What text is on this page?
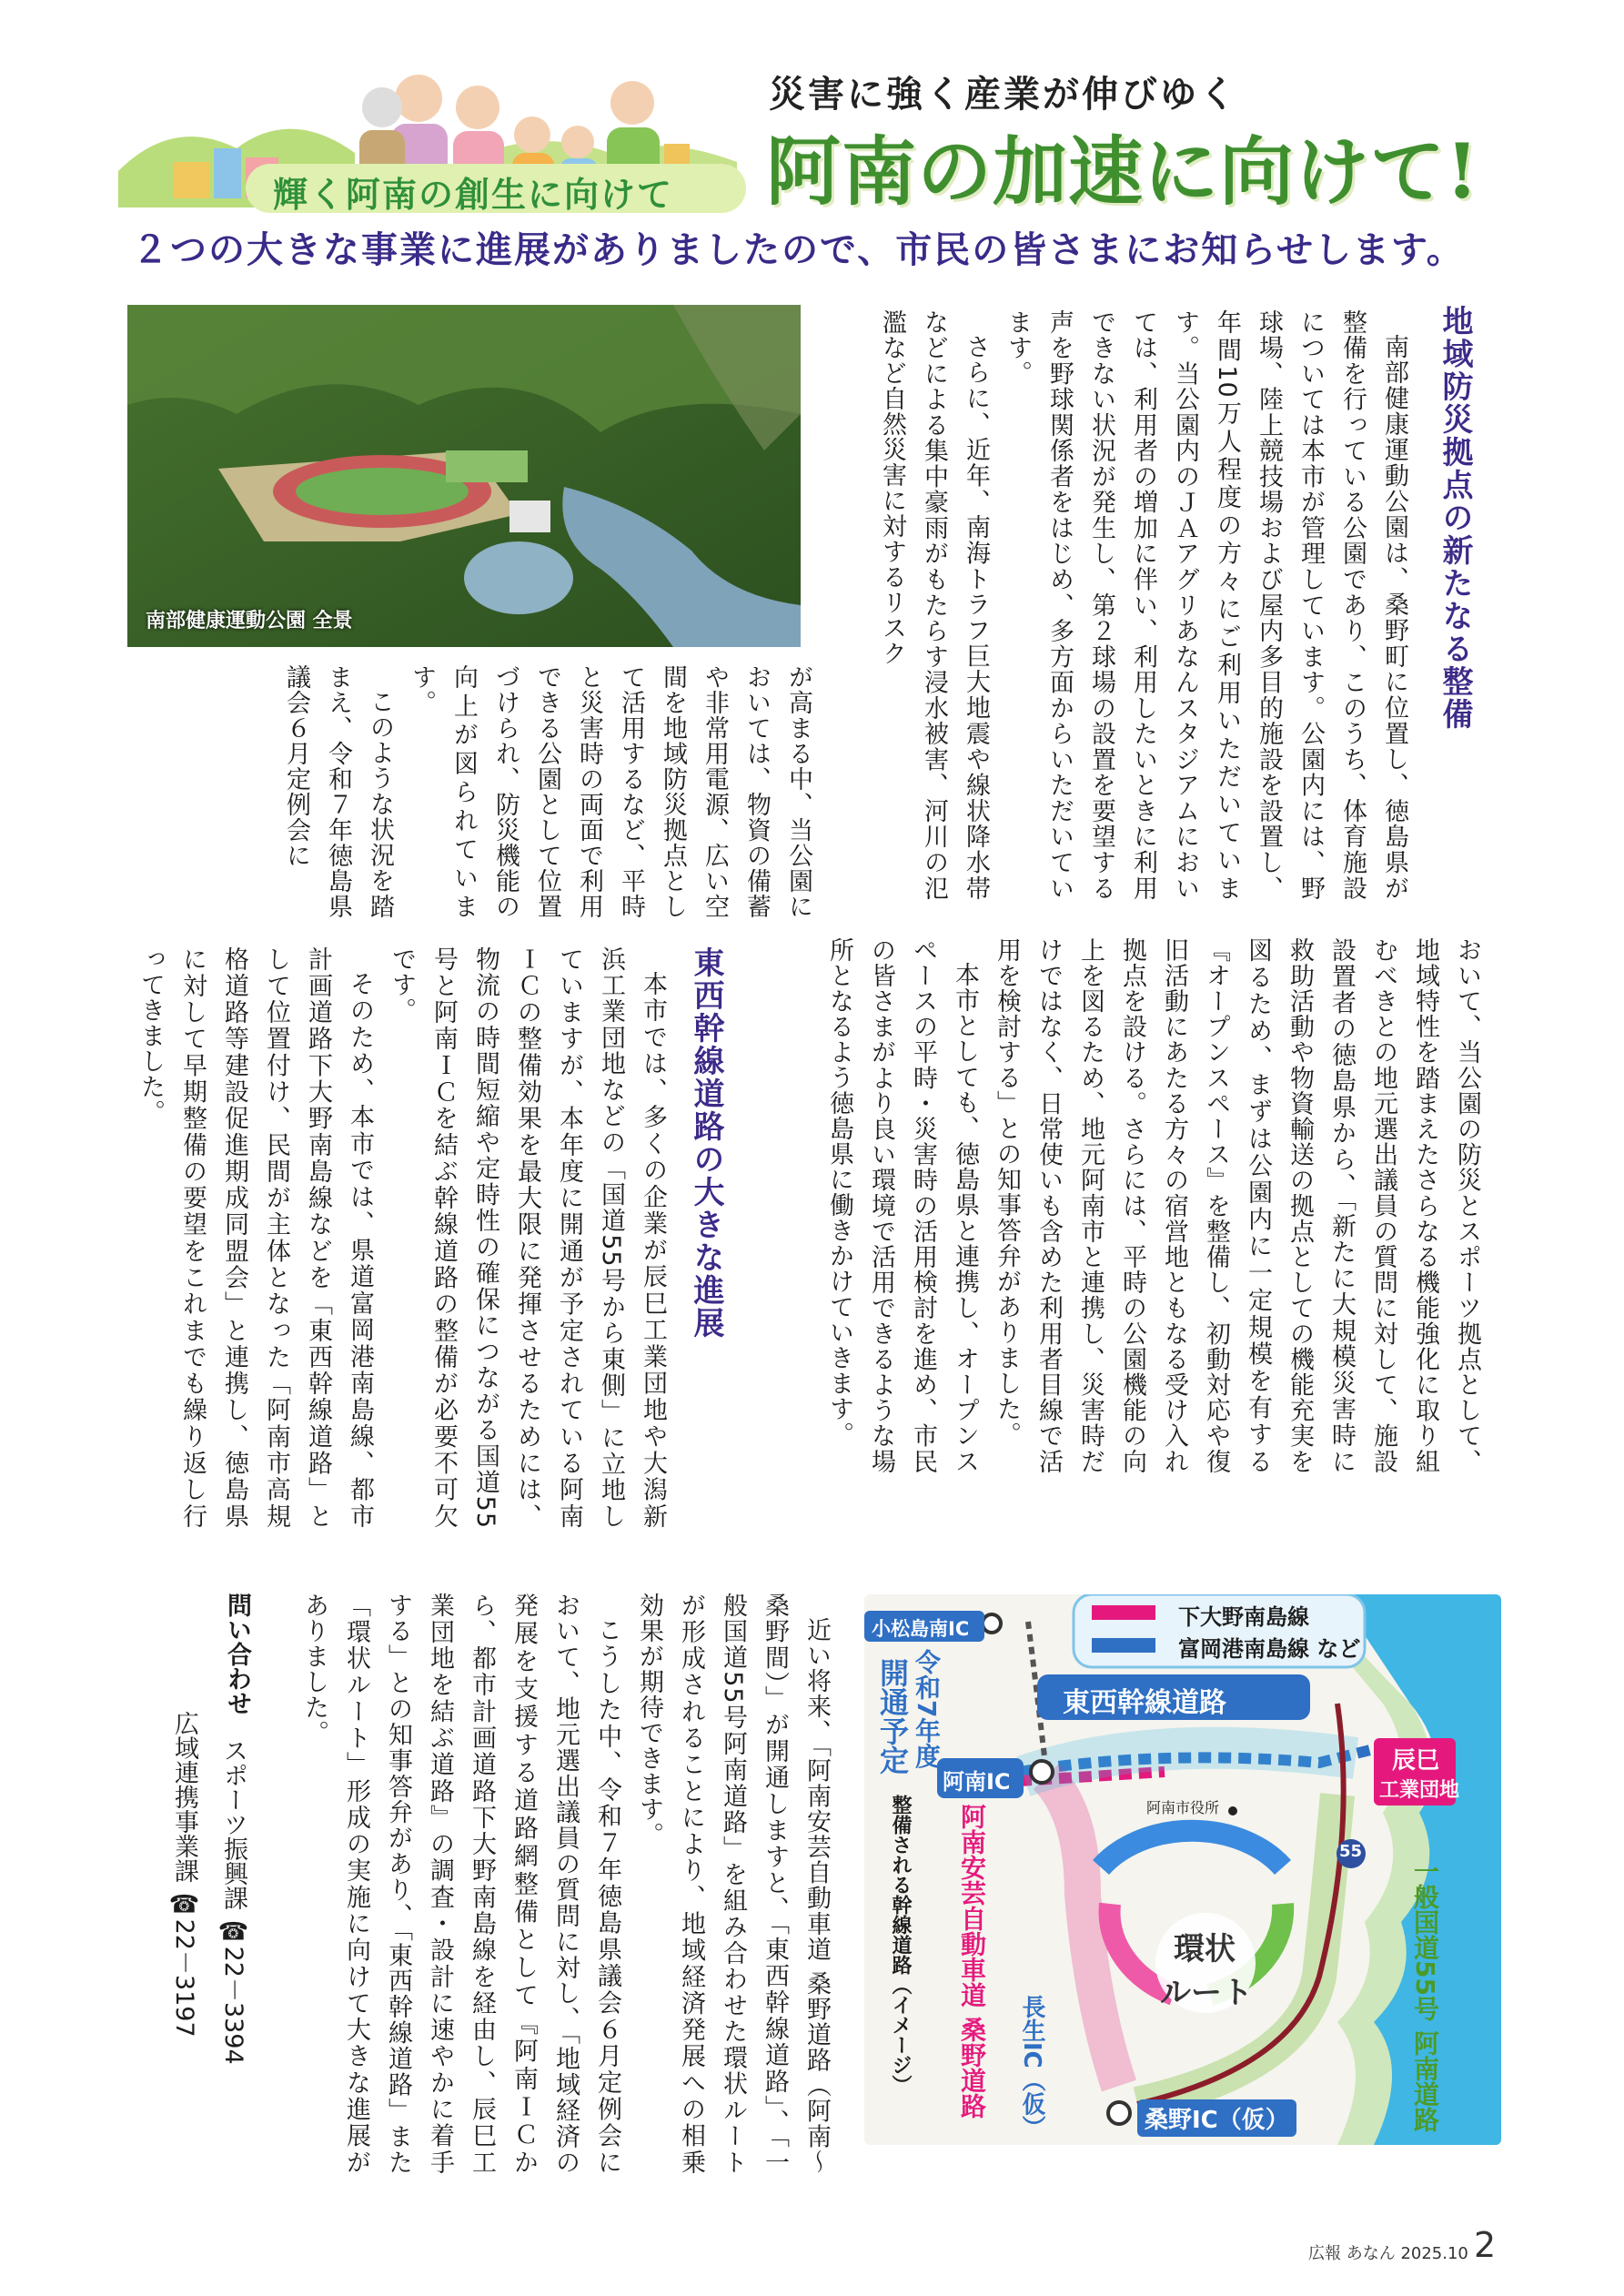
輝く阿南の創生に向けて
災害に強く産業が伸びゆく
阿南の加速に向けて!
２つの大きな事業に進展がありましたので、市民の皆さまにお知らせします。
南部健康運動公園 全景	地域防災拠点の新たなる整備

南部健康運動公園は、桑野町に位置し、徳島県が整備を行っている公園であり、このうち、体育施設については本市が管理しています。公園内には、野球場、陸上競技場および屋内多目的施設を設置し、年間10万人程度の方々にご利用いただいています。当公園内のＪＡアグリあなんスタジアムにおいては、利用者の増加に伴い、利用したいときに利用できない状況が発生し、第２球場の設置を要望する声を野球関係者をはじめ、多方面からいただいています。

さらに、近年、南海トラフ巨大地震や線状降水帯などによる集中豪雨がもたらす浸水被害、河川の氾濫など自然災害に対するリスク

が高まる中、当公園においては、物資の備蓄や非常用電源、広い空間を地域防災拠点として活用するなど、平時と災害時の両面で利用できる公園として位置づけられ、防災機能の向上が図られています。

このような状況を踏まえ、令和７年徳島県議会６月定例会に

おいて、当公園の防災とスポーツ拠点として、地域特性を踏まえたさらなる機能強化に取り組むべきとの地元選出議員の質問に対して、施設設置者の徳島県から、「新たに大規模災害時に救助活動や物資輸送の拠点としての機能充実を図るため、まずは公園内に一定規模を有する『オープンスペース』を整備し、初動対応や復旧活動にあたる方々の宿営地ともなる受け入れ拠点を設ける。さらには、平時の公園機能の向上を図るため、地元阿南市と連携し、災害時だけではなく、日常使いも含めた利用者目線で活用を検討する」との知事答弁がありました。

本市としても、徳島県と連携し、オープンスペースの平時・災害時の活用検討を進め、市民の皆さまがより良い環境で活用できるような場所となるよう徳島県に働きかけていきます。

東西幹線道路の大きな進展

本市では、多くの企業が辰巳工業団地や大潟新浜工業団地などの「国道55号から東側」に立地していますが、本年度に開通が予定されている阿南ＩＣの整備効果を最大限に発揮させるためには、物流の時間短縮や定時性の確保につながる国道55号と阿南ＩＣを結ぶ幹線道路の整備が必要不可欠です。

そのため、本市では、県道富岡港南島線、都市計画道路下大野南島線などを「東西幹線道路」として位置付け、民間が主体となった「阿南市高規格道路等建設促進期成同盟会」と連携し、徳島県に対して早期整備の要望をこれまでも繰り返し行ってきました。

近い将来、「阿南安芸自動車道 桑野道路（阿南～桑野間）」が開通しますと、「東西幹線道路」、「一般国道55号阿南道路」を組み合わせた環状ルートが形成されることにより、地域経済発展への相乗効果が期待できます。

こうした中、令和７年徳島県議会６月定例会において、地元選出議員の質問に対し、「地域経済の発展を支援する道路網整備として『阿南ＩＣから、都市計画道路下大野南島線を経由し、辰巳工業団地を結ぶ道路』の調査・設計に速やかに着手する」との知事答弁があり、「東西幹線道路」また「環状ルート」形成の実施に向けて大きな進展がありました。

問い合わせ
スポーツ振興課 ☎22－3394
広域連携事業課 ☎22－3197
下大野南島線
富岡港南島線 など
東西幹線道路
小松島南IC
阿南IC
開通予定 令和7年度	辰巳
工業団地
阿南市役所
環状
ルート
55
一般国道55号 阿南道路
阿南安芸自動車道 桑野道路
整備される幹線道路（イメージ）	長生IC（仮）	桑野IC（仮）
広報 あなん 2025.10 2
